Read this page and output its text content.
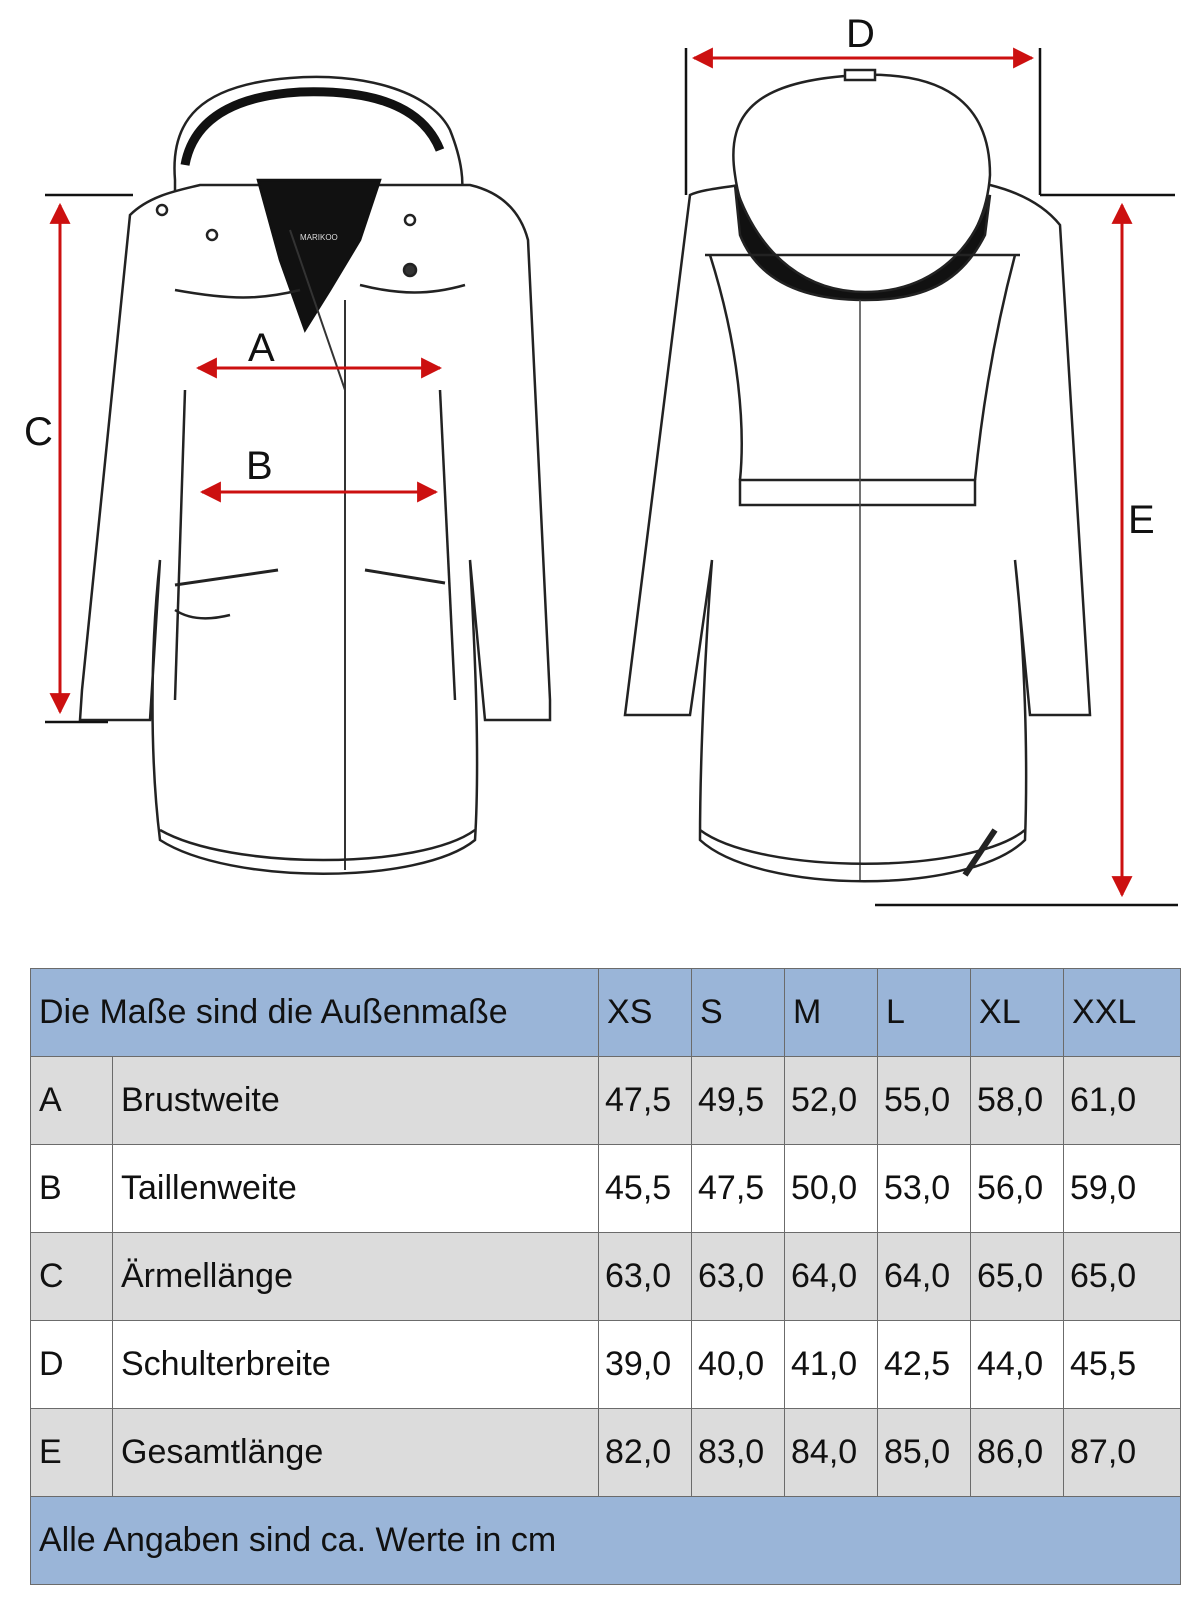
MARIKOO
A
B
C
D
E
Die Maße sind die Außenmaße		XS	S	M	L	XL	XXL
A	Brustweite	47,5	49,5	52,0	55,0	58,0	61,0
B	Taillenweite	45,5	47,5	50,0	53,0	56,0	59,0
C	Ärmellänge	63,0	63,0	64,0	64,0	65,0	65,0
D	Schulterbreite	39,0	40,0	41,0	42,5	44,0	45,5
E	Gesamtlänge	82,0	83,0	84,0	85,0	86,0	87,0
Alle Angaben sind ca. Werte in cm							
